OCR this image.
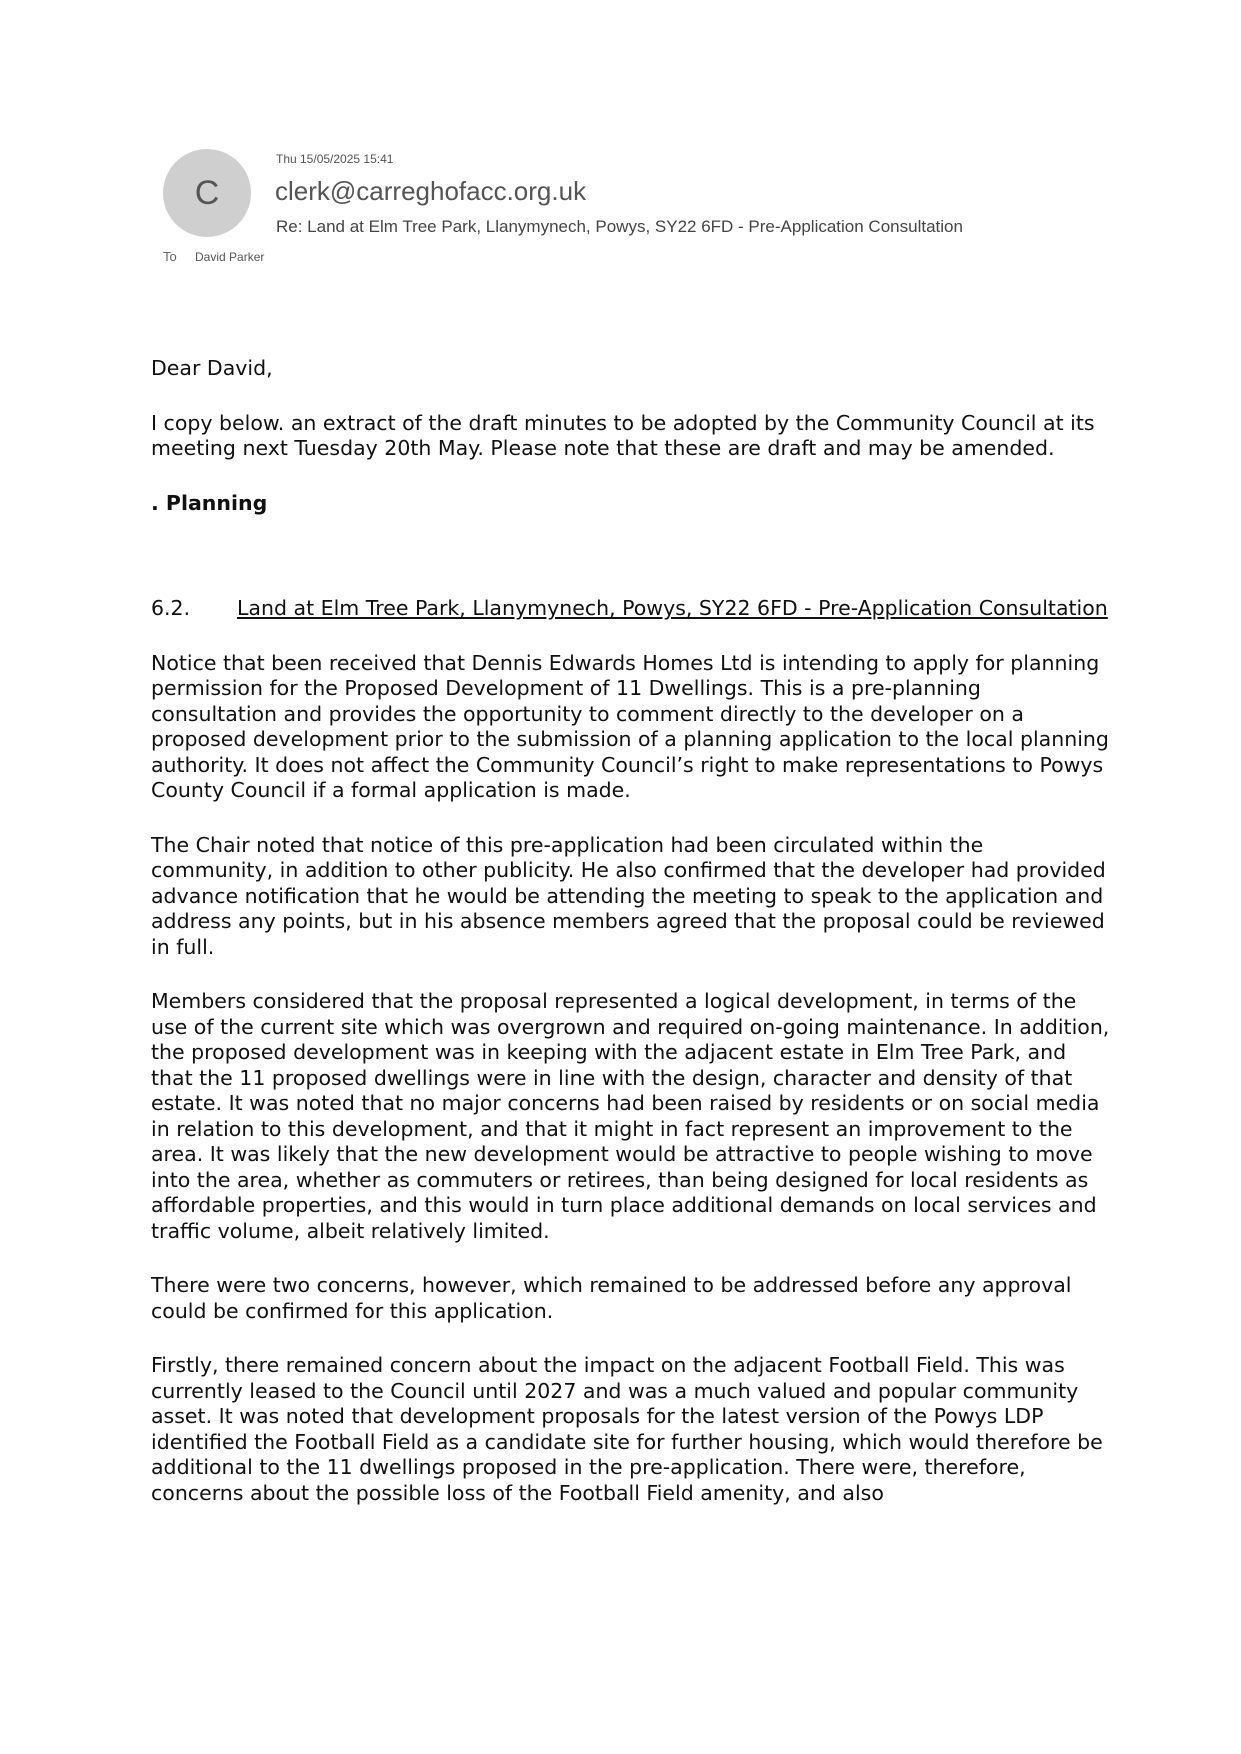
C
Thu 15/05/2025 15:41
clerk@carreghofacc.org.uk
Re: Land at Elm Tree Park, Llanymynech, Powys, SY22 6FD - Pre-Application Consultation
To David Parker

Dear David,

I copy below. an extract of the draft minutes to be adopted by the Community Council at its meeting next Tuesday 20th May. Please note that these are draft and may be amended.

. Planning

6.2. Land at Elm Tree Park, Llanymynech, Powys, SY22 6FD - Pre-Application Consultation

Notice that been received that Dennis Edwards Homes Ltd is intending to apply for planning permission for the Proposed Development of 11 Dwellings. This is a pre-planning consultation and provides the opportunity to comment directly to the developer on a proposed development prior to the submission of a planning application to the local planning authority. It does not affect the Community Council’s right to make representations to Powys County Council if a formal application is made.

The Chair noted that notice of this pre-application had been circulated within the community, in addition to other publicity. He also confirmed that the developer had provided advance notification that he would be attending the meeting to speak to the application and address any points, but in his absence members agreed that the proposal could be reviewed in full.

Members considered that the proposal represented a logical development, in terms of the use of the current site which was overgrown and required on-going maintenance. In addition, the proposed development was in keeping with the adjacent estate in Elm Tree Park, and that the 11 proposed dwellings were in line with the design, character and density of that estate. It was noted that no major concerns had been raised by residents or on social media in relation to this development, and that it might in fact represent an improvement to the area. It was likely that the new development would be attractive to people wishing to move into the area, whether as commuters or retirees, than being designed for local residents as affordable properties, and this would in turn place additional demands on local services and traffic volume, albeit relatively limited.

There were two concerns, however, which remained to be addressed before any approval could be confirmed for this application.

Firstly, there remained concern about the impact on the adjacent Football Field. This was currently leased to the Council until 2027 and was a much valued and popular community asset. It was noted that development proposals for the latest version of the Powys LDP identified the Football Field as a candidate site for further housing, which would therefore be additional to the 11 dwellings proposed in the pre-application. There were, therefore, concerns about the possible loss of the Football Field amenity, and also
